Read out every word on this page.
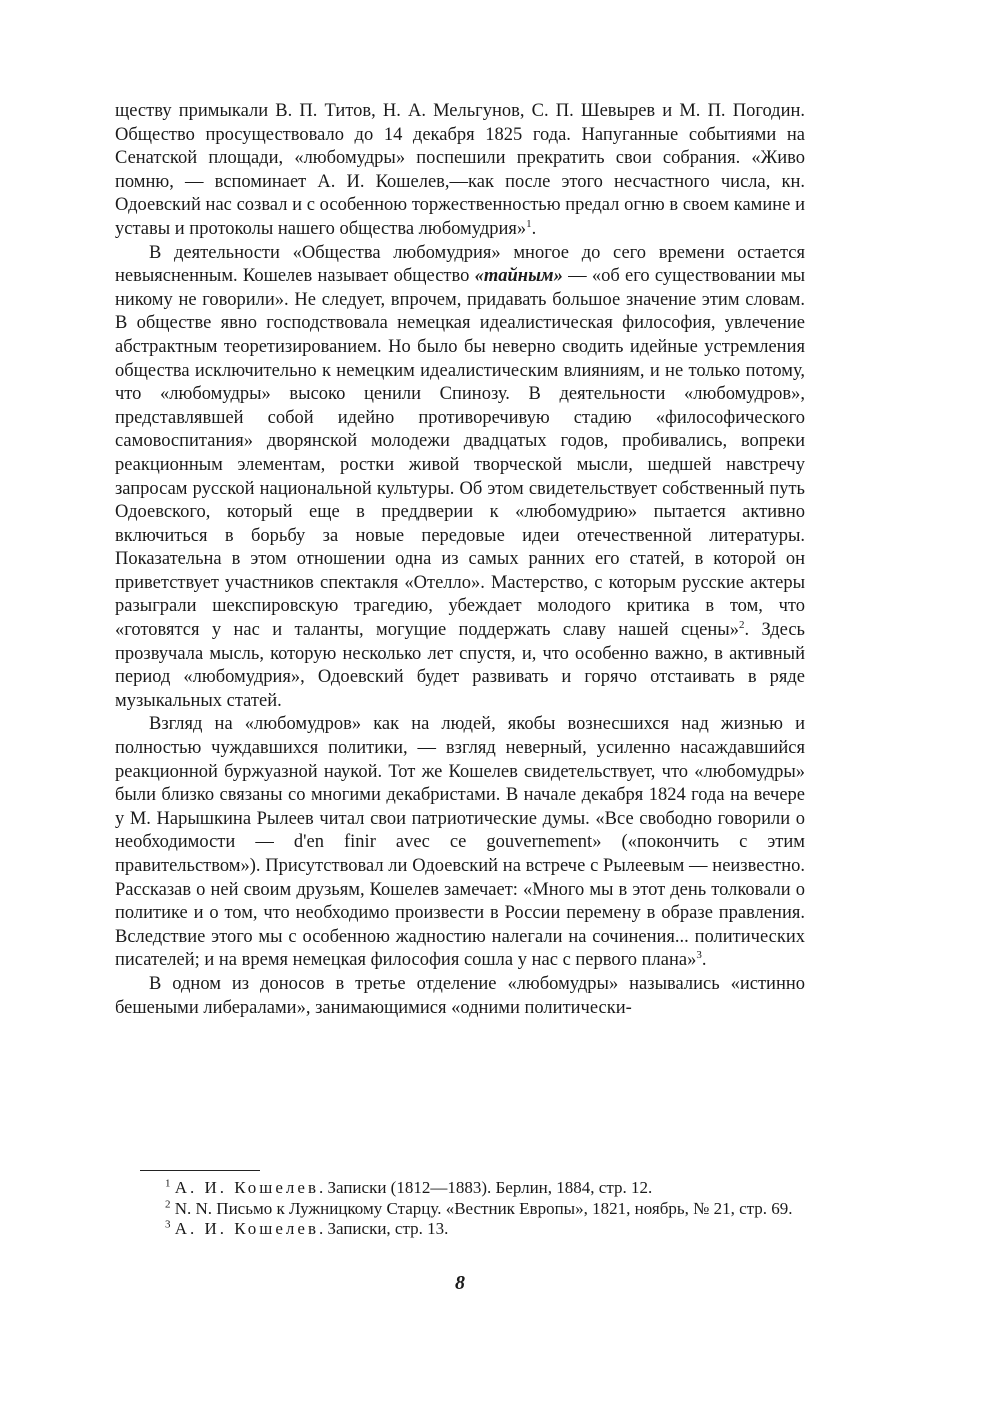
ществу примыкали В. П. Титов, Н. А. Мельгунов, С. П. Шевырев и М. П. Погодин. Общество просуществовало до 14 декабря 1825 года. Напуганные событиями на Сенатской площади, «любомудры» поспешили прекратить свои собрания. «Живо помню, — вспоминает А. И. Кошелев,—как после этого несчастного числа, кн. Одоевский нас созвал и с особенною торжественностью предал огню в своем камине и уставы и протоколы нашего общества любомудрия»$^1$.

В деятельности «Общества любомудрия» многое до сего времени остается невыясненным. Кошелев называет общество «тайным» — «об его существовании мы никому не говорили». Не следует, впрочем, придавать большое значение этим словам. В обществе явно господствовала немецкая идеалистическая философия, увлечение абстрактным теоретизированием. Но было бы неверно сводить идейные устремления общества исключительно к немецким идеалистическим влияниям, и не только потому, что «любомудры» высоко ценили Спинозу. В деятельности «любомудров», представлявшей собой идейно противоречивую стадию «философического самовоспитания» дворянской молодежи двадцатых годов, пробивались, вопреки реакционным элементам, ростки живой творческой мысли, шедшей навстречу запросам русской национальной культуры. Об этом свидетельствует собственный путь Одоевского, который еще в преддверии к «любомудрию» пытается активно включиться в борьбу за новые передовые идеи отечественной литературы. Показательна в этом отношении одна из самых ранних его статей, в которой он приветствует участников спектакля «Отелло». Мастерство, с которым русские актеры разыграли шекспировскую трагедию, убеждает молодого критика в том, что «готовятся у нас и таланты, могущие поддержать славу нашей сцены»$^2$. Здесь прозвучала мысль, которую несколько лет спустя, и, что особенно важно, в активный период «любомудрия», Одоевский будет развивать и горячо отстаивать в ряде музыкальных статей.

Взгляд на «любомудров» как на людей, якобы вознесшихся над жизнью и полностью чуждавшихся политики, — взгляд неверный, усиленно насаждавшийся реакционной буржуазной наукой. Тот же Кошелев свидетельствует, что «любомудры» были близко связаны со многими декабристами. В начале декабря 1824 года на вечере у М. Нарышкина Рылеев читал свои патриотические думы. «Все свободно говорили о необходимости — d'en finir avec ce gouvernement» («покончить с этим правительством»). Присутствовал ли Одоевский на встрече с Рылеевым — неизвестно. Рассказав о ней своим друзьям, Кошелев замечает: «Много мы в этот день толковали о политике и о том, что необходимо произвести в России перемену в образе правления. Вследствие этого мы с особенною жадностию налегали на сочинения... политических писателей; и на время немецкая философия сошла у нас с первого плана»$^3$.

В одном из доносов в третье отделение «любомудры» назывались «истинно бешеными либералами», занимающимися «одними политически-

$^1$ А. И. Кошелев. Записки (1812—1883). Берлин, 1884, стр. 12.

$^2$ N. N. Письмо к Лужницкому Старцу. «Вестник Европы», 1821, ноябрь, № 21, стр. 69.

$^3$ А. И. Кошелев. Записки, стр. 13.

8
